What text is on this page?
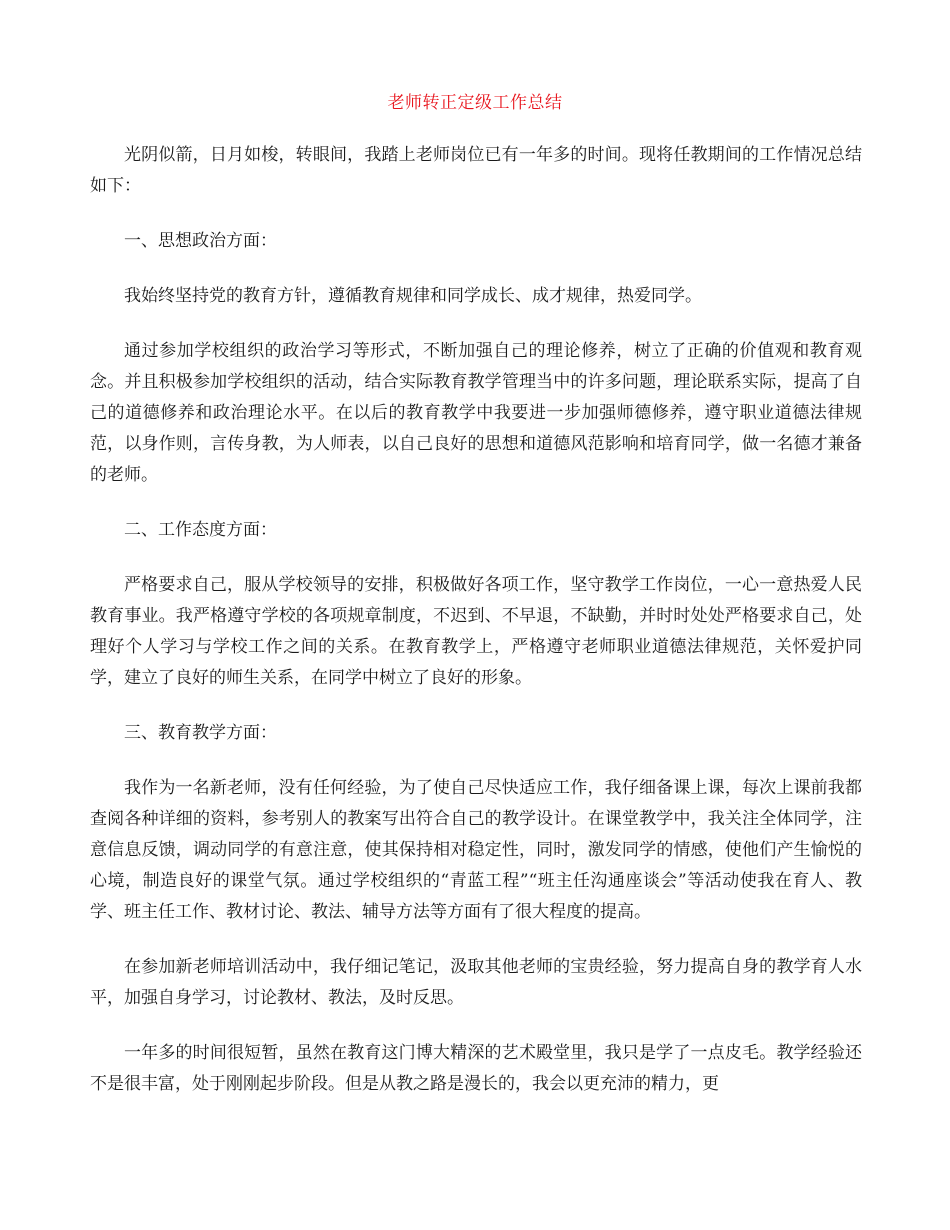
老师转正定级工作总结

光阴似箭，日月如梭，转眼间，我踏上老师岗位已有一年多的时间。现将任教期间的工作情况总结如下：

一、思想政治方面：

我始终坚持党的教育方针，遵循教育规律和同学成长、成才规律，热爱同学。

通过参加学校组织的政治学习等形式，不断加强自己的理论修养，树立了正确的价值观和教育观念。并且积极参加学校组织的活动，结合实际教育教学管理当中的许多问题，理论联系实际，提高了自己的道德修养和政治理论水平。在以后的教育教学中我要进一步加强师德修养，遵守职业道德法律规范，以身作则，言传身教，为人师表，以自己良好的思想和道德风范影响和培育同学，做一名德才兼备的老师。

二、工作态度方面：

严格要求自己，服从学校领导的安排，积极做好各项工作，坚守教学工作岗位，一心一意热爱人民教育事业。我严格遵守学校的各项规章制度，不迟到、不早退，不缺勤，并时时处处严格要求自己，处理好个人学习与学校工作之间的关系。在教育教学上，严格遵守老师职业道德法律规范，关怀爱护同学，建立了良好的师生关系，在同学中树立了良好的形象。

三、教育教学方面：

我作为一名新老师，没有任何经验，为了使自己尽快适应工作，我仔细备课上课，每次上课前我都查阅各种详细的资料，参考别人的教案写出符合自己的教学设计。在课堂教学中，我关注全体同学，注意信息反馈，调动同学的有意注意，使其保持相对稳定性，同时，激发同学的情感，使他们产生愉悦的心境，制造良好的课堂气氛。通过学校组织的“青蓝工程”“班主任沟通座谈会”等活动使我在育人、教学、班主任工作、教材讨论、教法、辅导方法等方面有了很大程度的提高。

在参加新老师培训活动中，我仔细记笔记，汲取其他老师的宝贵经验，努力提高自身的教学育人水平，加强自身学习，讨论教材、教法，及时反思。

一年多的时间很短暂，虽然在教育这门博大精深的艺术殿堂里，我只是学了一点皮毛。教学经验还不是很丰富，处于刚刚起步阶段。但是从教之路是漫长的，我会以更充沛的精力，更
